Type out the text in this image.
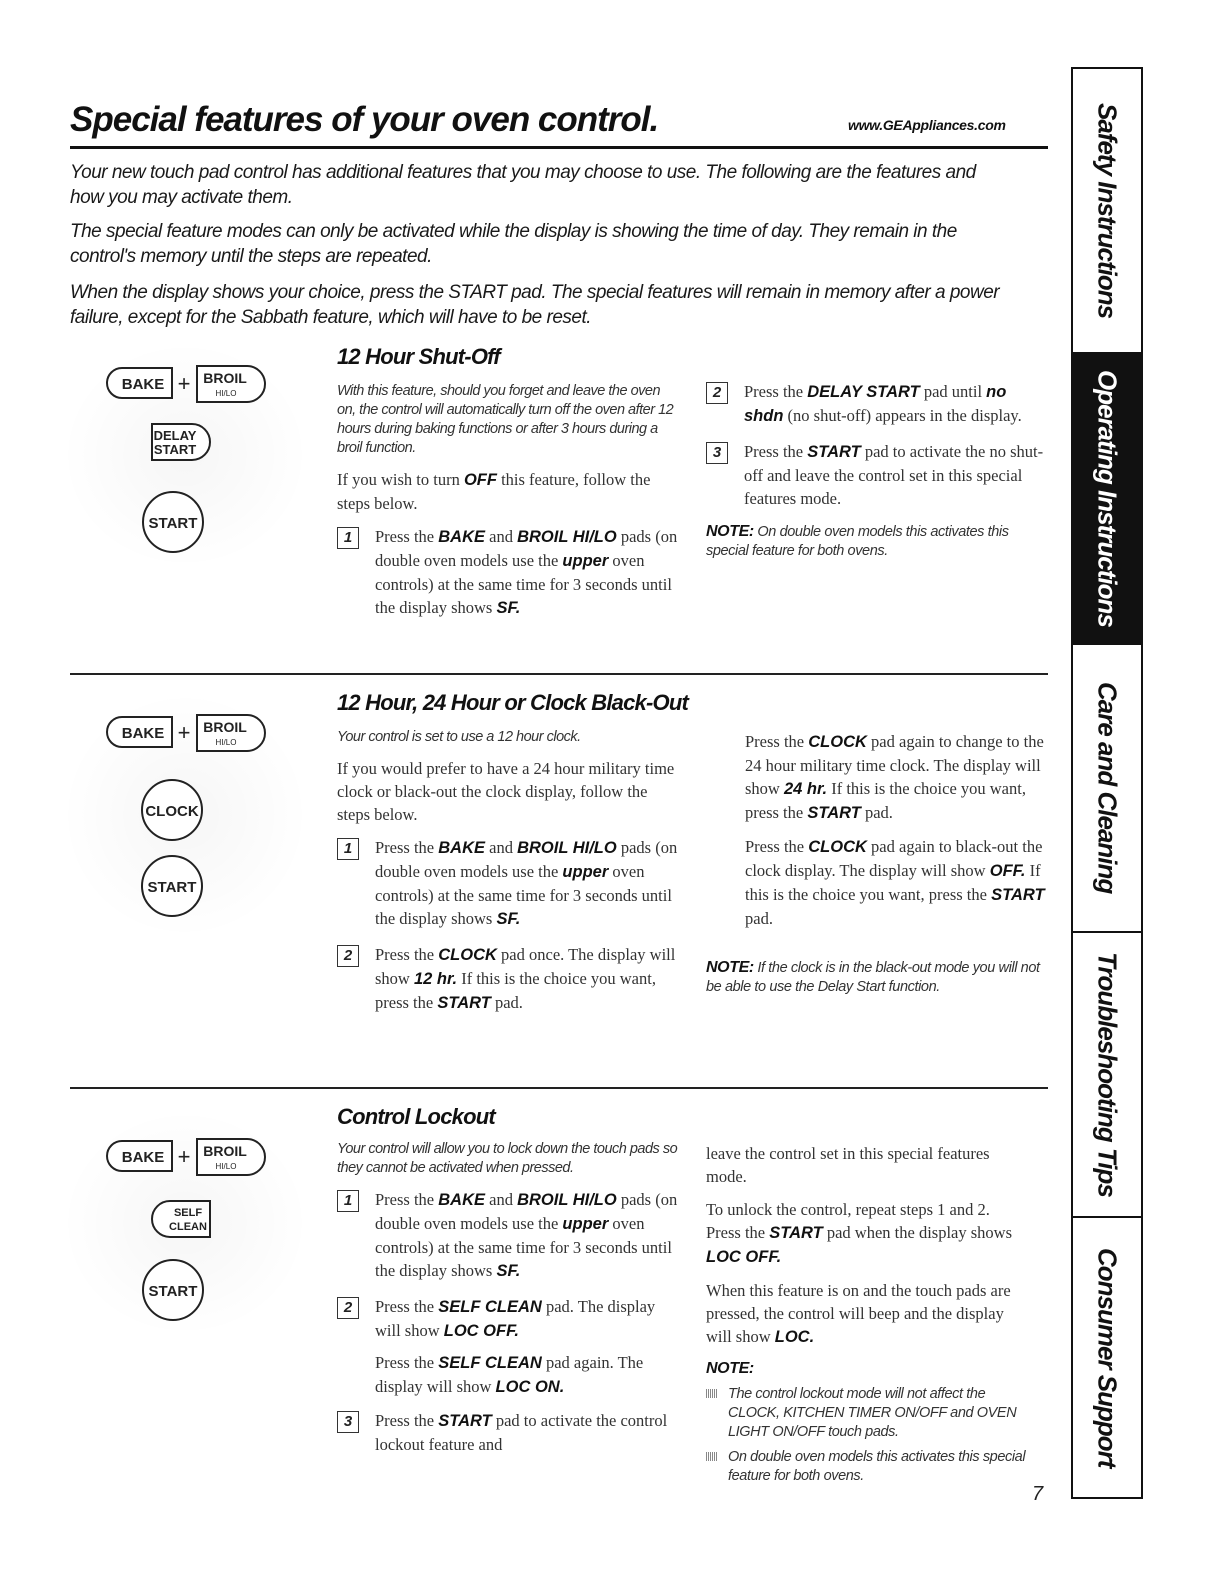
Special features of your oven control.	www.GEAppliances.com

Your new touch pad control has additional features that you may choose to use. The following are the features and how you may activate them.

The special feature modes can only be activated while the display is showing the time of day. They remain in the control's memory until the steps are repeated.

When the display shows your choice, press the START pad. The special features will remain in memory after a power failure, except for the Sabbath feature, which will have to be reset.

BAKE + BROIL
HI/LO
DELAY
START
START
12 Hour Shut-Off

With this feature, should you forget and leave the oven on, the control will automatically turn off the oven after 12 hours during baking functions or after 3 hours during a broil function.

If you wish to turn OFF this feature, follow the steps below.

1	Press the BAKE and BROIL HI/LO pads (on double oven models use the upper oven controls) at the same time for 3 seconds until the display shows SF.
2	Press the DELAY START pad until no shdn (no shut-off) appears in the display.
3	Press the START pad to activate the no shut-off and leave the control set in this special features mode.

NOTE: On double oven models this activates this special feature for both ovens.

BAKE + BROIL
HI/LO
CLOCK
START
12 Hour, 24 Hour or Clock Black-Out

Your control is set to use a 12 hour clock.

If you would prefer to have a 24 hour military time clock or black-out the clock display, follow the steps below.

1	Press the BAKE and BROIL HI/LO pads (on double oven models use the upper oven controls) at the same time for 3 seconds until the display shows SF.
2	Press the CLOCK pad once. The display will show 12 hr. If this is the choice you want, press the START pad.

Press the CLOCK pad again to change to the 24 hour military time clock. The display will show 24 hr. If this is the choice you want, press the START pad.

Press the CLOCK pad again to black-out the clock display. The display will show OFF. If this is the choice you want, press the START pad.

NOTE: If the clock is in the black-out mode you will not be able to use the Delay Start function.

BAKE + BROIL
HI/LO
SELF
CLEAN
START
Control Lockout

Your control will allow you to lock down the touch pads so they cannot be activated when pressed.

1	Press the BAKE and BROIL HI/LO pads (on double oven models use the upper oven controls) at the same time for 3 seconds until the display shows SF.
2	Press the SELF CLEAN pad. The display will show LOC OFF.

Press the SELF CLEAN pad again. The display will show LOC ON.

3	Press the START pad to activate the control lockout feature and

leave the control set in this special features mode.

To unlock the control, repeat steps 1 and 2. Press the START pad when the display shows LOC OFF.

When this feature is on and the touch pads are pressed, the control will beep and the display will show LOC.

NOTE:

The control lockout mode will not affect the CLOCK, KITCHEN TIMER ON/OFF and OVEN LIGHT ON/OFF touch pads.
On double oven models this activates this special feature for both ovens.
7
Safety Instructions
Operating Instructions
Care and Cleaning
Troubleshooting Tips
Consumer Support
